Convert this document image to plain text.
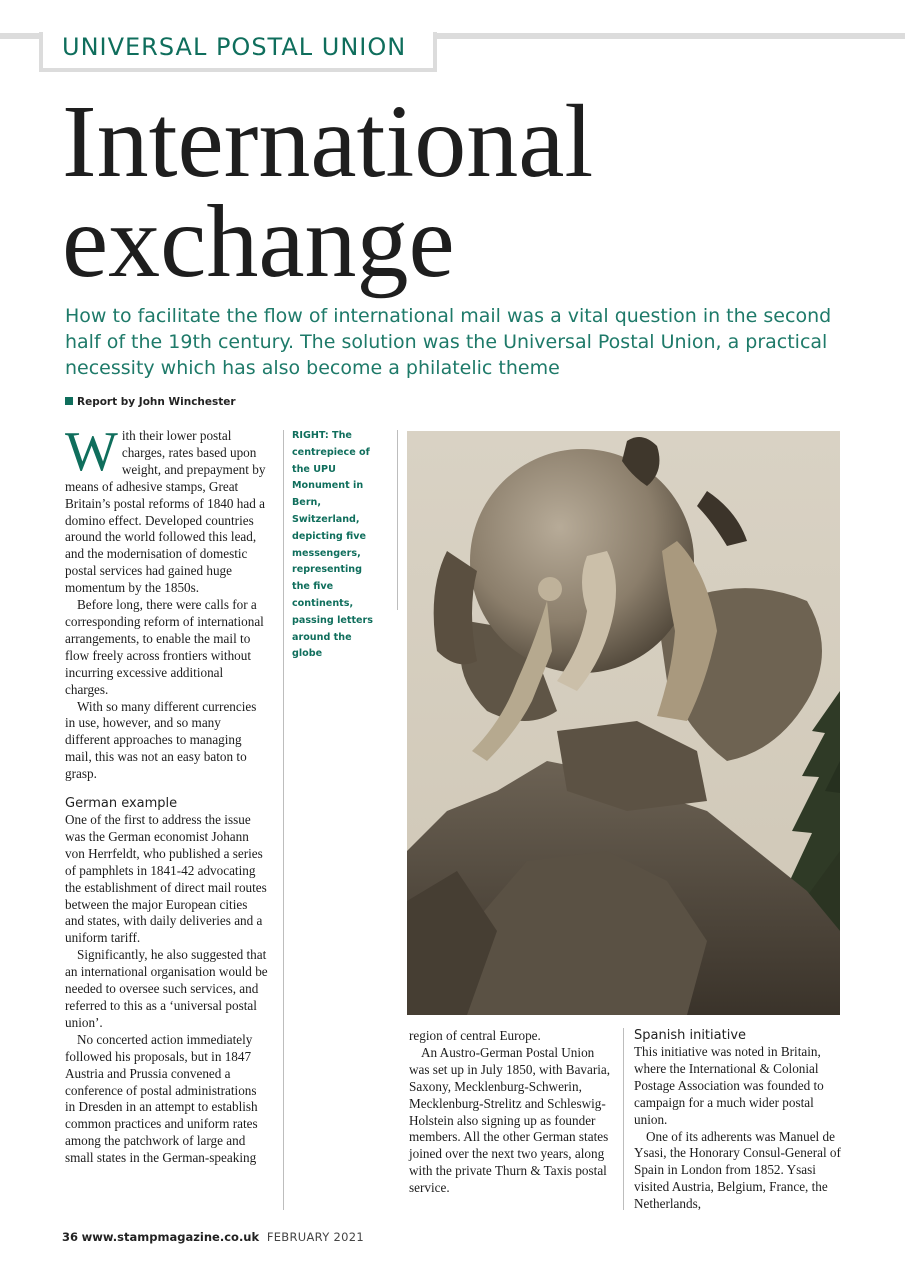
UNIVERSAL POSTAL UNION
International
exchange
How to facilitate the flow of international mail was a vital question in the second half of the 19th century. The solution was the Universal Postal Union, a practical necessity which has also become a philatelic theme
Report by John Winchester

With their lower postal charges, rates based upon weight, and prepayment by means of adhesive stamps, Great Britain’s postal reforms of 1840 had a domino effect. Developed countries around the world followed this lead, and the modernisation of domestic postal services had gained huge momentum by the 1850s.

Before long, there were calls for a corresponding reform of international arrangements, to enable the mail to flow freely across frontiers without incurring excessive additional charges.

With so many different currencies in use, however, and so many different approaches to managing mail, this was not an easy baton to grasp.

German example

One of the first to address the issue was the German economist Johann von Herrfeldt, who published a series of pamphlets in 1841-42 advocating the establishment of direct mail routes between the major European cities and states, with daily deliveries and a uniform tariff.

Significantly, he also suggested that an international organisation would be needed to oversee such services, and referred to this as a ‘universal postal union’.

No concerted action immediately followed his proposals, but in 1847 Austria and Prussia convened a conference of postal administrations in Dresden in an attempt to establish common practices and uniform rates among the patchwork of large and small states in the German-speaking

RIGHT: The centrepiece of the UPU Monument in Bern, Switzerland, depicting five messengers, representing the five continents, passing letters around the globe

region of central Europe.

An Austro-German Postal Union was set up in July 1850, with Bavaria, Saxony, Mecklenburg-Schwerin, Mecklenburg-Strelitz and Schleswig-Holstein also signing up as founder members. All the other German states joined over the next two years, along with the private Thurn & Taxis postal service.

Spanish initiative

This initiative was noted in Britain, where the International & Colonial Postage Association was founded to campaign for a much wider postal union.

One of its adherents was Manuel de Ysasi, the Honorary Consul-General of Spain in London from 1852. Ysasi visited Austria, Belgium, France, the Netherlands,

36 www.stampmagazine.co.uk FEBRUARY 2021
